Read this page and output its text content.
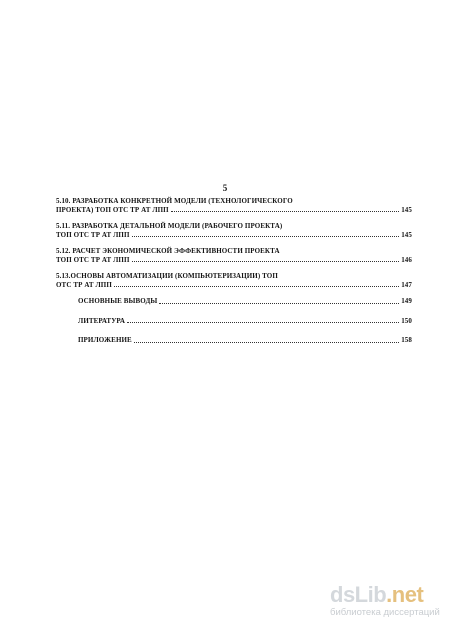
5
5.10. РАЗРАБОТКА КОНКРЕТНОЙ МОДЕЛИ (ТЕХНОЛОГИЧЕСКОГО
ПРОЕКТА) ТОП ОТС ТР АТ ЛПП	145
5.11. РАЗРАБОТКА ДЕТАЛЬНОЙ МОДЕЛИ (РАБОЧЕГО ПРОЕКТА)
ТОП ОТС ТР АТ ЛПП	145
5.12. РАСЧЕТ ЭКОНОМИЧЕСКОЙ ЭФФЕКТИВНОСТИ ПРОЕКТА
ТОП ОТС ТР АТ ЛПП	146
5.13.ОСНОВЫ АВТОМАТИЗАЦИИ (КОМПЬЮТЕРИЗАЦИИ) ТОП
ОТС ТР АТ ЛПП	147
ОСНОВНЫЕ ВЫВОДЫ	149
ЛИТЕРАТУРА	150
ПРИЛОЖЕНИЕ	158
dsLib.net
библиотека диссертаций
